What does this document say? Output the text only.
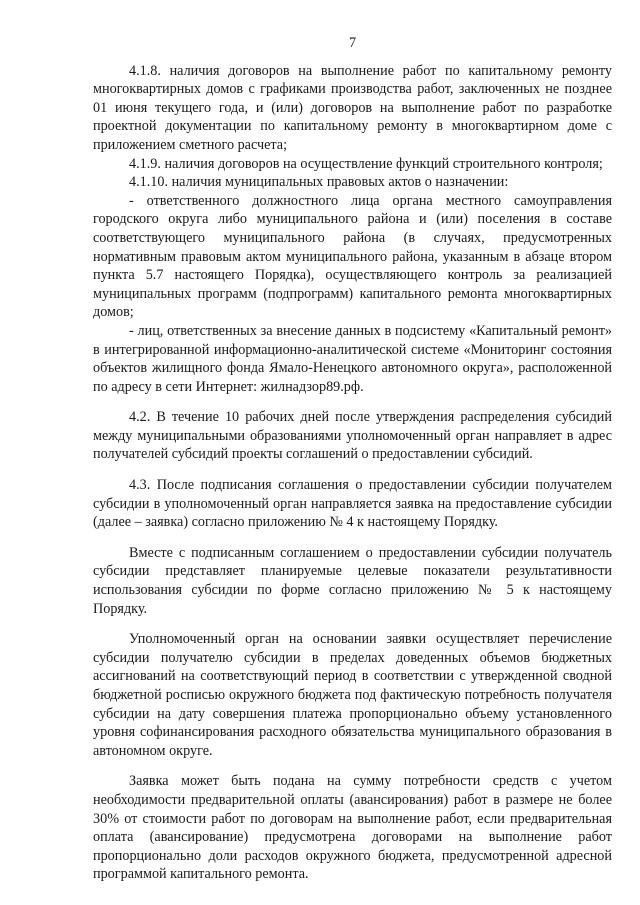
7

4.1.8. наличия договоров на выполнение работ по капитальному ремонту многоквартирных домов с графиками производства работ, заключенных не позднее 01 июня текущего года, и (или) договоров на выполнение работ по разработке проектной документации по капитальному ремонту в многоквартирном доме с приложением сметного расчета;

4.1.9. наличия договоров на осуществление функций строительного контроля;

4.1.10. наличия муниципальных правовых актов о назначении:

- ответственного должностного лица органа местного самоуправления городского округа либо муниципального района и (или) поселения в составе соответствующего муниципального района (в случаях, предусмотренных нормативным правовым актом муниципального района, указанным в абзаце втором пункта 5.7 настоящего Порядка), осуществляющего контроль за реализацией муниципальных программ (подпрограмм) капитального ремонта многоквартирных домов;

- лиц, ответственных за внесение данных в подсистему «Капитальный ремонт» в интегрированной информационно-аналитической системе «Мониторинг состояния объектов жилищного фонда Ямало-Ненецкого автономного округа», расположенной по адресу в сети Интернет: жилнадзор89.рф.

4.2. В течение 10 рабочих дней после утверждения распределения субсидий между муниципальными образованиями уполномоченный орган направляет в адрес получателей субсидий проекты соглашений о предоставлении субсидий.

4.3. После подписания соглашения о предоставлении субсидии получателем субсидии в уполномоченный орган направляется заявка на предоставление субсидии (далее – заявка) согласно приложению № 4 к настоящему Порядку.

Вместе с подписанным соглашением о предоставлении субсидии получатель субсидии представляет планируемые целевые показатели результативности использования субсидии по форме согласно приложению № 5 к настоящему Порядку.

Уполномоченный орган на основании заявки осуществляет перечисление субсидии получателю субсидии в пределах доведенных объемов бюджетных ассигнований на соответствующий период в соответствии с утвержденной сводной бюджетной росписью окружного бюджета под фактическую потребность получателя субсидии на дату совершения платежа пропорционально объему установленного уровня софинансирования расходного обязательства муниципального образования в автономном округе.

Заявка может быть подана на сумму потребности средств с учетом необходимости предварительной оплаты (авансирования) работ в размере не более 30% от стоимости работ по договорам на выполнение работ, если предварительная оплата (авансирование) предусмотрена договорами на выполнение работ пропорционально доли расходов окружного бюджета, предусмотренной адресной программой капитального ремонта.
